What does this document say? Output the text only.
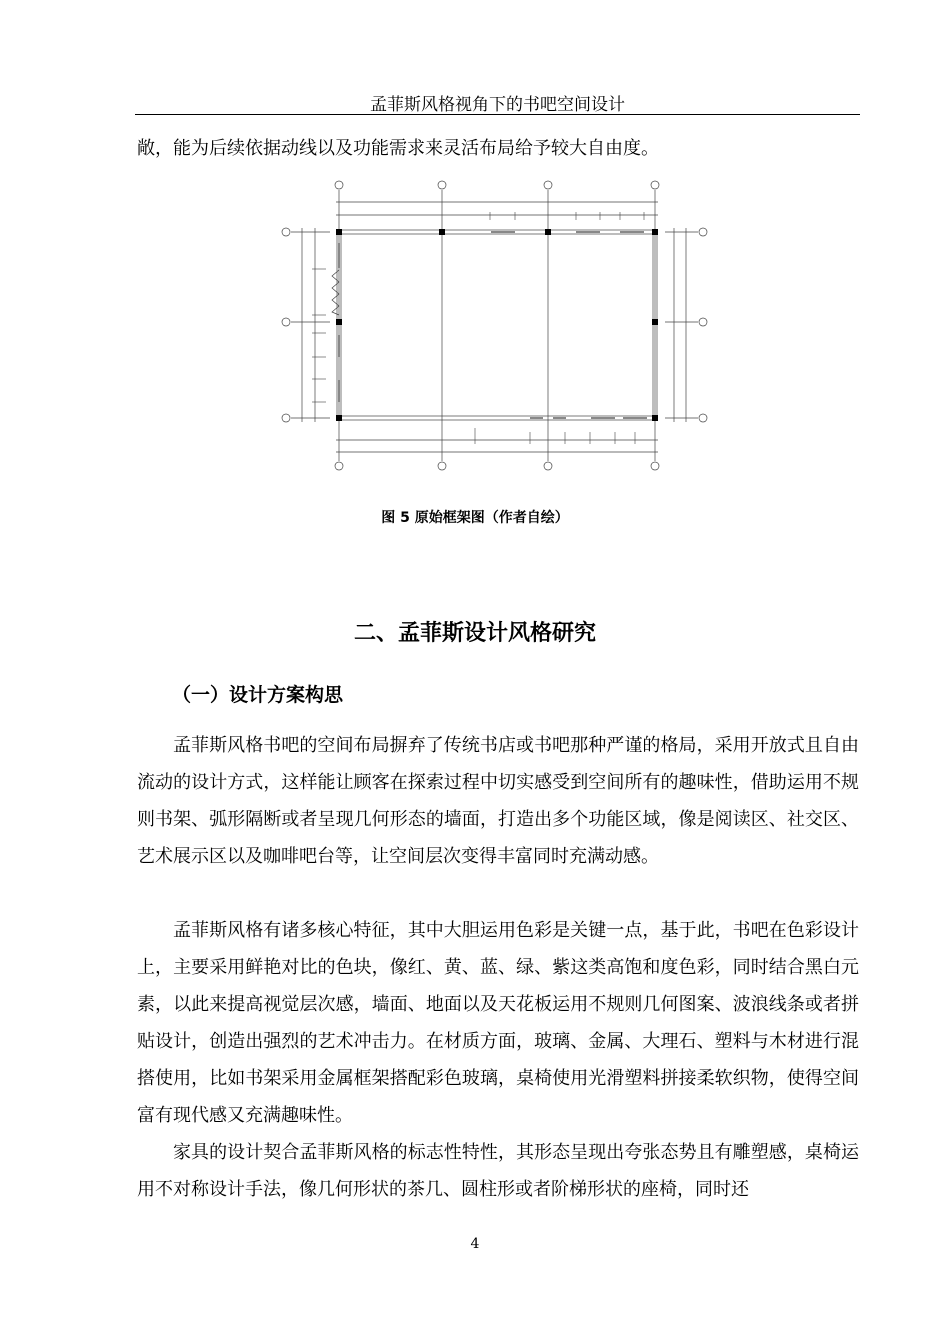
孟菲斯风格视角下的书吧空间设计
敞，能为后续依据动线以及功能需求来灵活布局给予较大自由度。
图 5 原始框架图（作者自绘）
二、孟菲斯设计风格研究
（一）设计方案构思
孟菲斯风格书吧的空间布局摒弃了传统书店或书吧那种严谨的格局，采用开放式且自由流动的设计方式，这样能让顾客在探索过程中切实感受到空间所有的趣味性，借助运用不规则书架、弧形隔断或者呈现几何形态的墙面，打造出多个功能区域，像是阅读区、社交区、艺术展示区以及咖啡吧台等，让空间层次变得丰富同时充满动感。
孟菲斯风格有诸多核心特征，其中大胆运用色彩是关键一点，基于此，书吧在色彩设计上，主要采用鲜艳对比的色块，像红、黄、蓝、绿、紫这类高饱和度色彩，同时结合黑白元素，以此来提高视觉层次感，墙面、地面以及天花板运用不规则几何图案、波浪线条或者拼贴设计，创造出强烈的艺术冲击力。在材质方面，玻璃、金属、大理石、塑料与木材进行混搭使用，比如书架采用金属框架搭配彩色玻璃，桌椅使用光滑塑料拼接柔软织物，使得空间富有现代感又充满趣味性。
家具的设计契合孟菲斯风格的标志性特性，其形态呈现出夸张态势且有雕塑感，桌椅运用不对称设计手法，像几何形状的茶几、圆柱形或者阶梯形状的座椅，同时还
4
